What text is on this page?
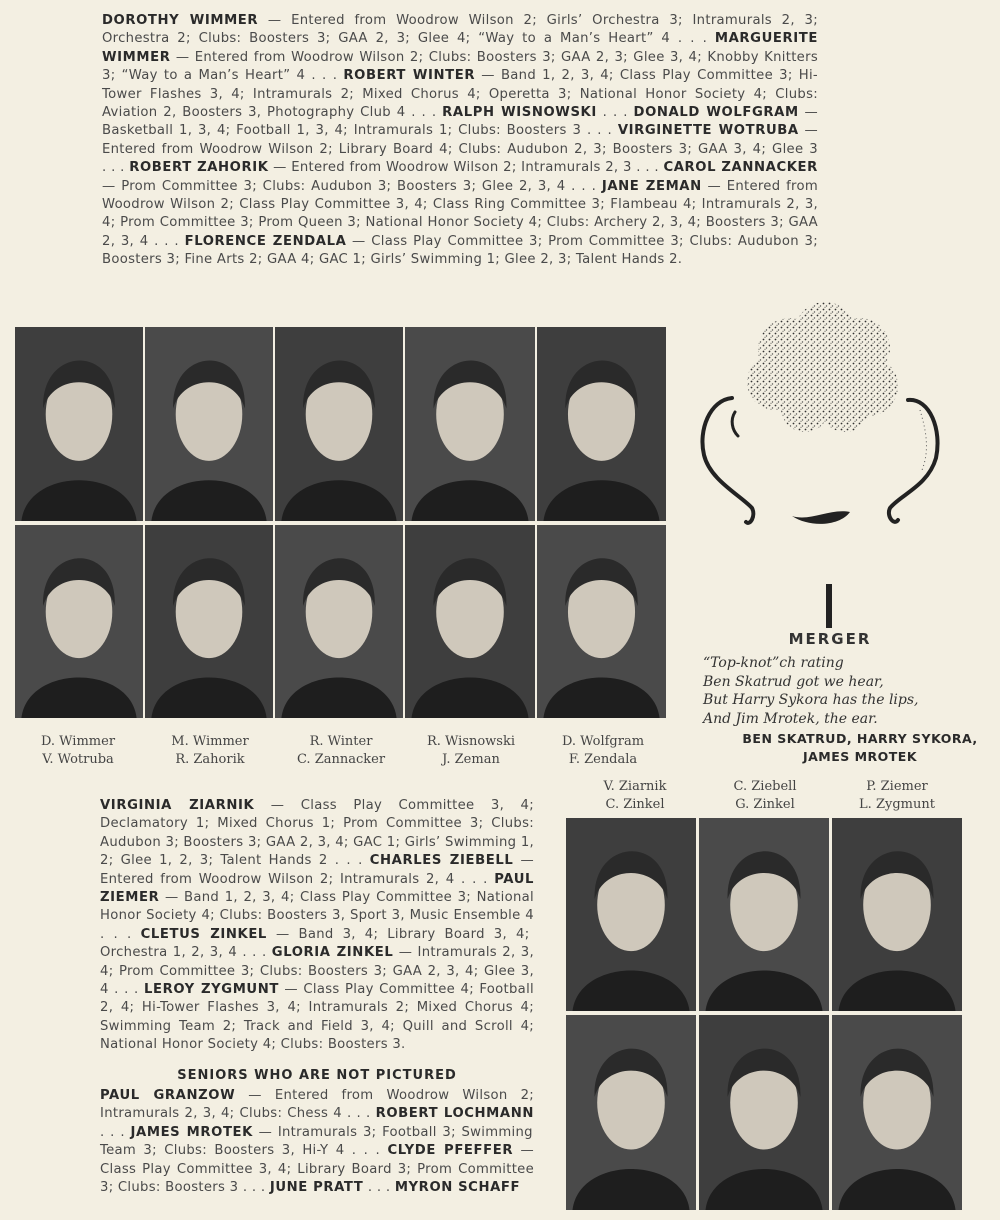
DOROTHY WIMMER — Entered from Woodrow Wilson 2; Girls’ Orchestra 3; Intramurals 2, 3; Orchestra 2; Clubs: Boosters 3; GAA 2, 3; Glee 4; “Way to a Man’s Heart” 4 . . . MARGUERITE WIMMER — Entered from Woodrow Wilson 2; Clubs: Boosters 3; GAA 2, 3; Glee 3, 4; Knobby Knitters 3; “Way to a Man’s Heart” 4 . . . ROBERT WINTER — Band 1, 2, 3, 4; Class Play Committee 3; Hi-Tower Flashes 3, 4; Intramurals 2; Mixed Chorus 4; Operetta 3; National Honor Society 4; Clubs: Aviation 2, Boosters 3, Photography Club 4 . . . RALPH WISNOWSKI . . . DONALD WOLFGRAM — Basketball 1, 3, 4; Football 1, 3, 4; Intramurals 1; Clubs: Boosters 3 . . . VIRGINETTE WOTRUBA — Entered from Woodrow Wilson 2; Library Board 4; Clubs: Audubon 2, 3; Boosters 3; GAA 3, 4; Glee 3 . . . ROBERT ZAHORIK — Entered from Woodrow Wilson 2; Intramurals 2, 3 . . . CAROL ZANNACKER — Prom Committee 3; Clubs: Audubon 3; Boosters 3; Glee 2, 3, 4 . . . JANE ZEMAN — Entered from Woodrow Wilson 2; Class Play Committee 3, 4; Class Ring Committee 3; Flambeau 4; Intramurals 2, 3, 4; Prom Committee 3; Prom Queen 3; National Honor Society 4; Clubs: Archery 2, 3, 4; Boosters 3; GAA 2, 3, 4 . . . FLORENCE ZENDALA — Class Play Committee 3; Prom Committee 3; Clubs: Audubon 3; Boosters 3; Fine Arts 2; GAA 4; GAC 1; Girls’ Swimming 1; Glee 2, 3; Talent Hands 2.

D. Wimmer
V. Wotruba
M. Wimmer
R. Zahorik
R. Winter
C. Zannacker
R. Wisnowski
J. Zeman
D. Wolfgram
F. Zendala
MERGER
“Top-knot”ch rating
Ben Skatrud got we hear,
But Harry Sykora has the lips,
And Jim Mrotek, the ear.
BEN SKATRUD, HARRY SYKORA,
JAMES MROTEK

VIRGINIA ZIARNIK — Class Play Committee 3, 4; Declamatory 1; Mixed Chorus 1; Prom Committee 3; Clubs: Audubon 3; Boosters 3; GAA 2, 3, 4; GAC 1; Girls’ Swimming 1, 2; Glee 1, 2, 3; Talent Hands 2 . . . CHARLES ZIEBELL — Entered from Woodrow Wilson 2; Intramurals 2, 4 . . . PAUL ZIEMER — Band 1, 2, 3, 4; Class Play Committee 3; National Honor Society 4; Clubs: Boosters 3, Sport 3, Music Ensemble 4 . . . CLETUS ZINKEL — Band 3, 4; Library Board 3, 4; Orchestra 1, 2, 3, 4 . . . GLORIA ZINKEL — Intramurals 2, 3, 4; Prom Committee 3; Clubs: Boosters 3; GAA 2, 3, 4; Glee 3, 4 . . . LEROY ZYGMUNT — Class Play Committee 4; Football 2, 4; Hi-Tower Flashes 3, 4; Intramurals 2; Mixed Chorus 4; Swimming Team 2; Track and Field 3, 4; Quill and Scroll 4; National Honor Society 4; Clubs: Boosters 3.

SENIORS WHO ARE NOT PICTURED

PAUL GRANZOW — Entered from Woodrow Wilson 2; Intramurals 2, 3, 4; Clubs: Chess 4 . . . ROBERT LOCHMANN . . . JAMES MROTEK — Intramurals 3; Football 3; Swimming Team 3; Clubs: Boosters 3, Hi-Y 4 . . . CLYDE PFEFFER — Class Play Committee 3, 4; Library Board 3; Prom Committee 3; Clubs: Boosters 3 . . . JUNE PRATT . . . MYRON SCHAFF

V. Ziarnik
C. Zinkel
C. Ziebell
G. Zinkel
P. Ziemer
L. Zygmunt
